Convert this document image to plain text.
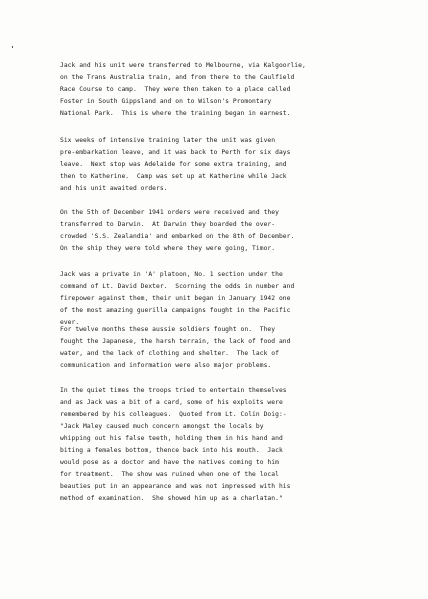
Jack and his unit were transferred to Melbourne, via Kalgoorlie,
on the Trans Australia train, and from there to the Caulfield
Race Course to camp.  They were then taken to a place called
Foster in South Gippsland and on to Wilson's Promontary
National Park.  This is where the training began in earnest.
Six weeks of intensive training later the unit was given
pre-embarkation leave, and it was back to Perth for six days
leave.  Next stop was Adelaide for some extra training, and
then to Katherine.  Camp was set up at Katherine while Jack
and his unit awaited orders.
On the 5th of December 1941 orders were received and they
transferred to Darwin.  At Darwin they boarded the over-
crowded 'S.S. Zealandia' and embarked on the 8th of December.
On the ship they were told where they were going, Timor.
Jack was a private in 'A' platoon, No. 1 section under the
command of Lt. David Dexter.  Scorning the odds in number and
firepower against them, their unit began in January 1942 one
of the most amazing guerilla campaigns fought in the Pacific
ever.
For twelve months these aussie soldiers fought on.  They
fought the Japanese, the harsh terrain, the lack of food and
water, and the lack of clothing and shelter.  The lack of
communication and information were also major problems.
In the quiet times the troops tried to entertain themselves
and as Jack was a bit of a card, some of his exploits were
remembered by his colleagues.  Quoted from Lt. Colin Doig:-
"Jack Maley caused much concern amongst the locals by
whipping out his false teeth, holding them in his hand and
biting a females bottom, thence back into his mouth.  Jack
would pose as a doctor and have the natives coming to him
for treatment.  The show was ruined when one of the local
beauties put in an appearance and was not impressed with his
method of examination.  She showed him up as a charlatan."
